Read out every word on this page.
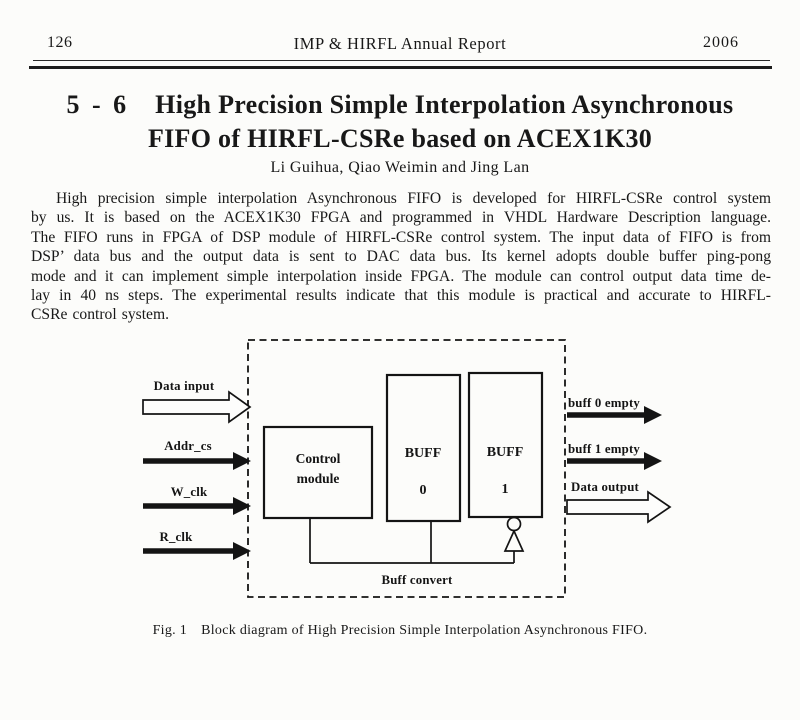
126	IMP & HIRFL Annual Report	2006
5 - 6 High Precision Simple Interpolation Asynchronous
FIFO of HIRFL-CSRe based on ACEX1K30
Li Guihua, Qiao Weimin and Jing Lan
High precision simple interpolation Asynchronous FIFO is developed for HIRFL-CSRe control system
by us. It is based on the ACEX1K30 FPGA and programmed in VHDL Hardware Description language.
The FIFO runs in FPGA of DSP module of HIRFL-CSRe control system. The input data of FIFO is from
DSP’ data bus and the output data is sent to DAC data bus. Its kernel adopts double buffer ping-pong
mode and it can implement simple interpolation inside FPGA. The module can control output data time de-
lay in 40 ns steps. The experimental results indicate that this module is practical and accurate to HIRFL-
CSRe control system.
Control
module
BUFF
0
BUFF
1
Data input
Addr_cs
W_clk
R_clk
buff 0 empty
buff 1 empty
Data output
Buff convert
Fig. 1 Block diagram of High Precision Simple Interpolation Asynchronous FIFO.
